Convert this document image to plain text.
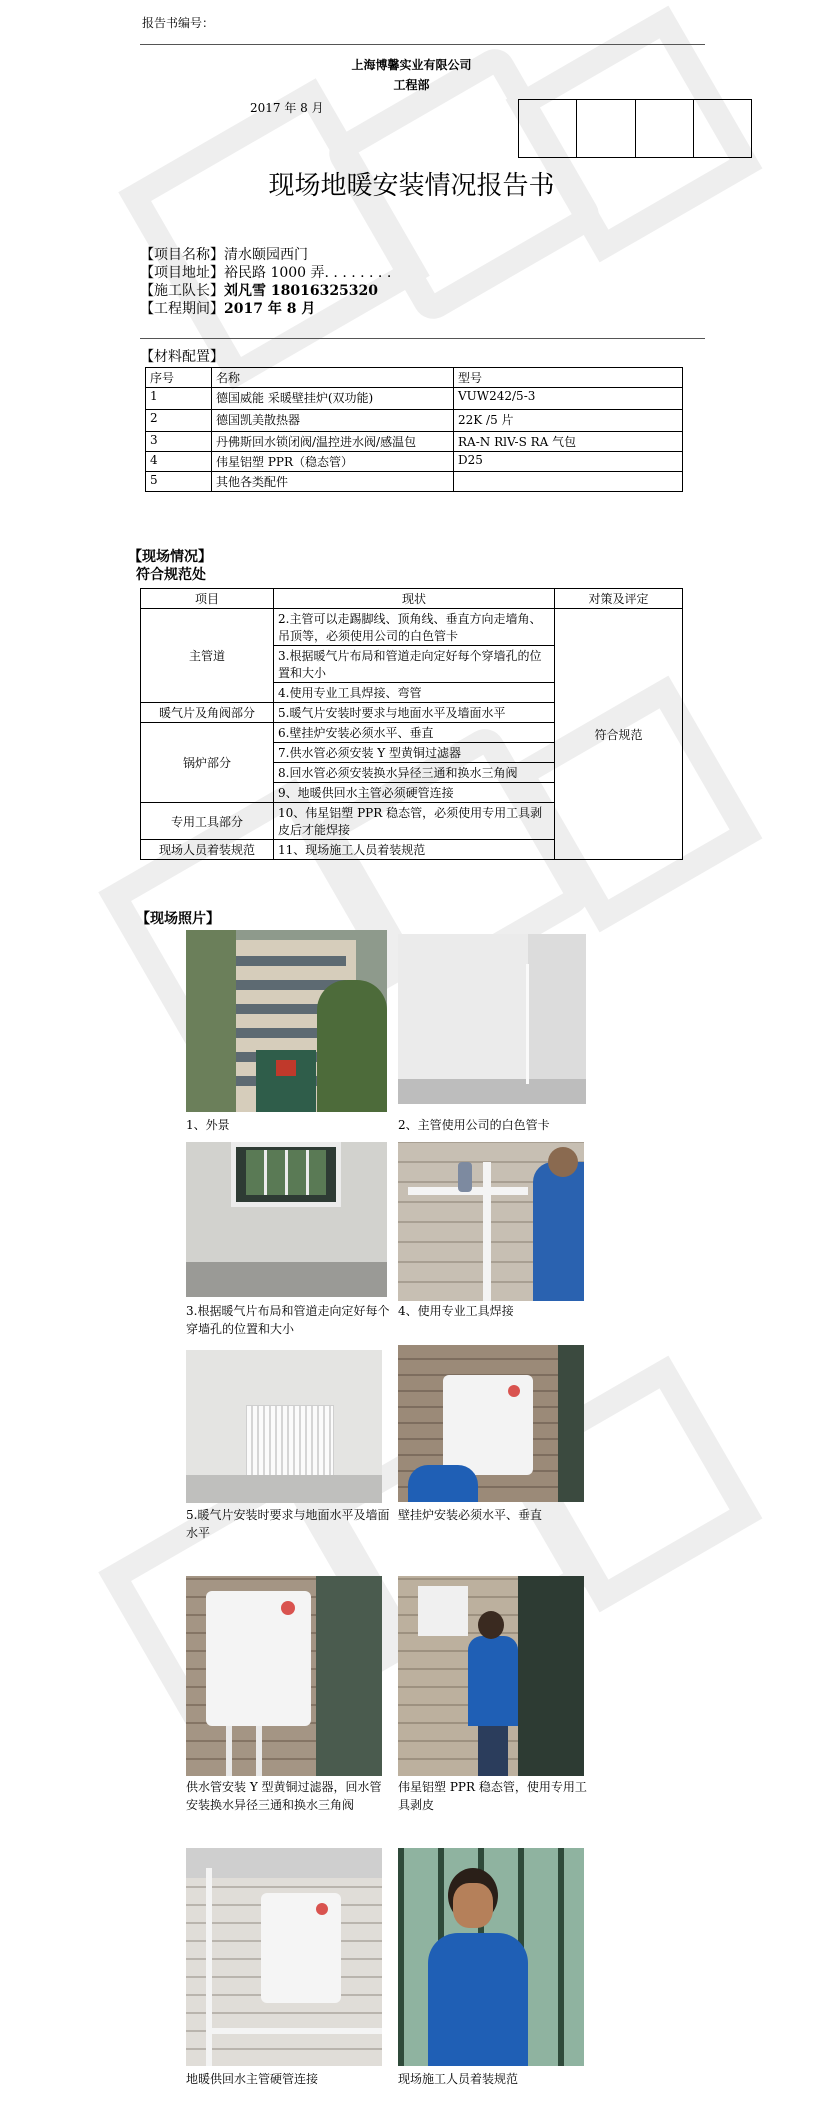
报告书编号：
上海博馨实业有限公司
工程部
2017 年 8 月
现场地暖安装情况报告书
【项目名称】清水颐园西门
【项目地址】裕民路 1000 弄. . . . . . . .
【施工队长】刘凡雪 18016325320
【工程期间】2017 年 8 月
【材料配置】
序号	名称	型号
1	德国威能 采暖壁挂炉(双功能)	VUW242/5-3
2	德国凯美散热器	22K /5 片
3	丹佛斯回水锁闭阀/温控进水阀/感温包	RA-N RlV-S RA 气包
4	伟星铝塑 PPR（稳态管）	D25
5	其他各类配件	
【现场情况】
符合规范处
项目	现状	对策及评定
主管道	2.主管可以走踢脚线、顶角线、垂直方向走墙角、吊顶等，必须使用公司的白色管卡	符合规范
	3.根据暖气片布局和管道走向定好每个穿墙孔的位置和大小	
	4.使用专业工具焊接、弯管	
暖气片及角阀部分	5.暖气片安装时要求与地面水平及墙面水平	
锅炉部分	6.壁挂炉安装必须水平、垂直	
	7.供水管必须安装 Y 型黄铜过滤器	
	8.回水管必须安装换水异径三通和换水三角阀	
	9、地暖供回水主管必须硬管连接	
专用工具部分	10、伟星铝塑 PPR 稳态管，必须使用专用工具剥皮后才能焊接	
现场人员着装规范	11、现场施工人员着装规范	
【现场照片】
1、外景	2、主管使用公司的白色管卡
3.根据暖气片布局和管道走向定好每个穿墙孔的位置和大小
4、使用专业工具焊接
5.暖气片安装时要求与地面水平及墙面水平
壁挂炉安装必须水平、垂直
供水管安装 Y 型黄铜过滤器，回水管安装换水异径三通和换水三角阀
伟星铝塑 PPR 稳态管，使用专用工具剥皮
地暖供回水主管硬管连接	现场施工人员着装规范
